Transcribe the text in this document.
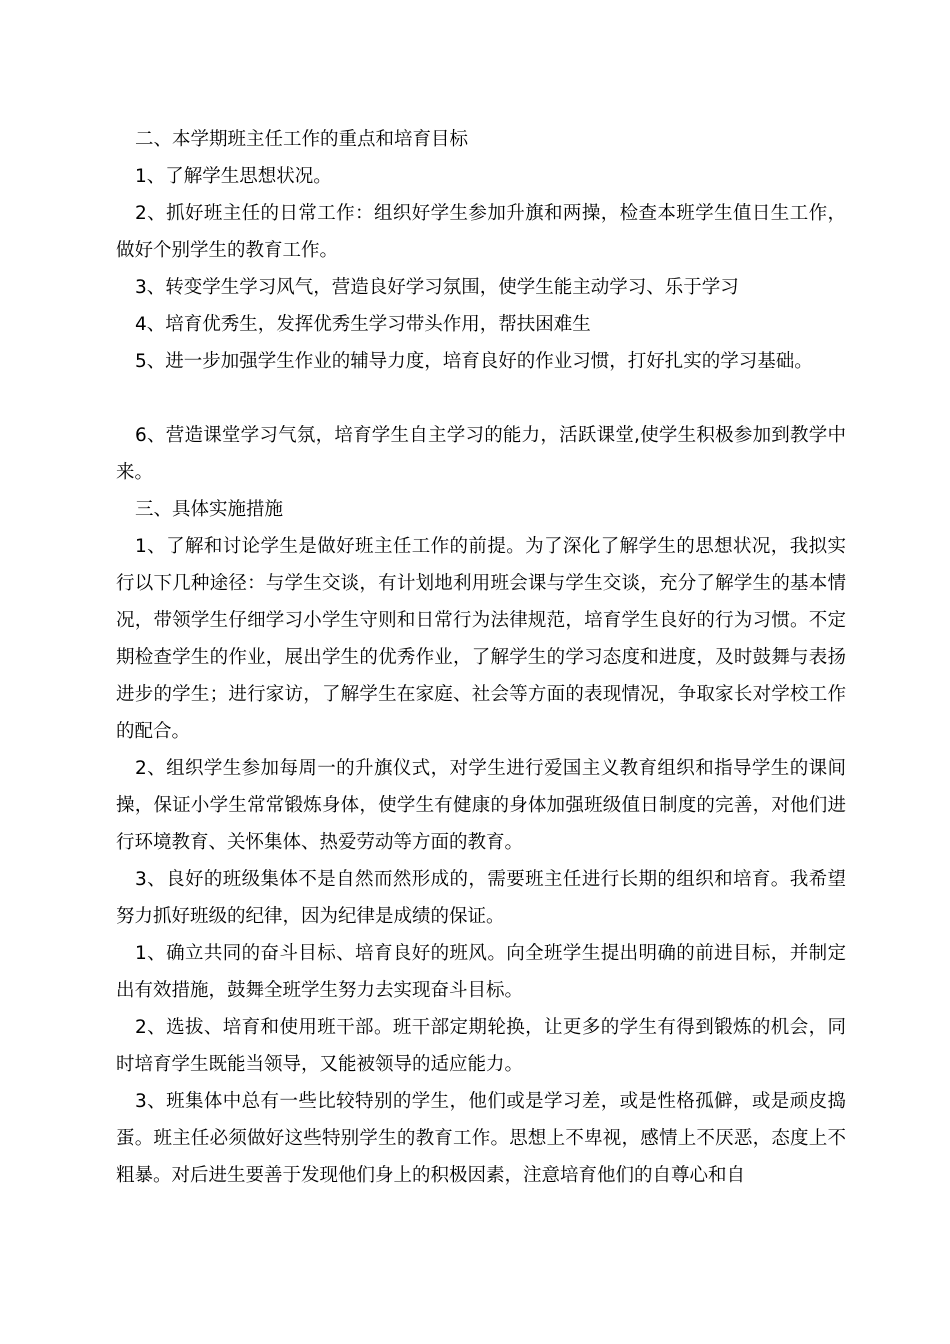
二、本学期班主任工作的重点和培育目标

1、了解学生思想状况。

2、抓好班主任的日常工作：组织好学生参加升旗和两操，检查本班学生值日生工作，做好个别学生的教育工作。

3、转变学生学习风气，营造良好学习氛围，使学生能主动学习、乐于学习

4、培育优秀生，发挥优秀生学习带头作用，帮扶困难生

5、进一步加强学生作业的辅导力度，培育良好的作业习惯，打好扎实的学习基础。

6、营造课堂学习气氛，培育学生自主学习的能力，活跃课堂,使学生积极参加到教学中来。

三、具体实施措施

1、了解和讨论学生是做好班主任工作的前提。为了深化了解学生的思想状况，我拟实行以下几种途径：与学生交谈，有计划地利用班会课与学生交谈，充分了解学生的基本情况，带领学生仔细学习小学生守则和日常行为法律规范，培育学生良好的行为习惯。不定期检查学生的作业，展出学生的优秀作业，了解学生的学习态度和进度，及时鼓舞与表扬进步的学生；进行家访，了解学生在家庭、社会等方面的表现情况，争取家长对学校工作的配合。

2、组织学生参加每周一的升旗仪式，对学生进行爱国主义教育组织和指导学生的课间操，保证小学生常常锻炼身体，使学生有健康的身体加强班级值日制度的完善，对他们进行环境教育、关怀集体、热爱劳动等方面的教育。

3、良好的班级集体不是自然而然形成的，需要班主任进行长期的组织和培育。我希望努力抓好班级的纪律，因为纪律是成绩的保证。

1、确立共同的奋斗目标、培育良好的班风。向全班学生提出明确的前进目标，并制定出有效措施，鼓舞全班学生努力去实现奋斗目标。

2、选拔、培育和使用班干部。班干部定期轮换，让更多的学生有得到锻炼的机会，同时培育学生既能当领导，又能被领导的适应能力。

3、班集体中总有一些比较特别的学生，他们或是学习差，或是性格孤僻，或是顽皮捣蛋。班主任必须做好这些特别学生的教育工作。思想上不卑视，感情上不厌恶，态度上不粗暴。对后进生要善于发现他们身上的积极因素，注意培育他们的自尊心和自
